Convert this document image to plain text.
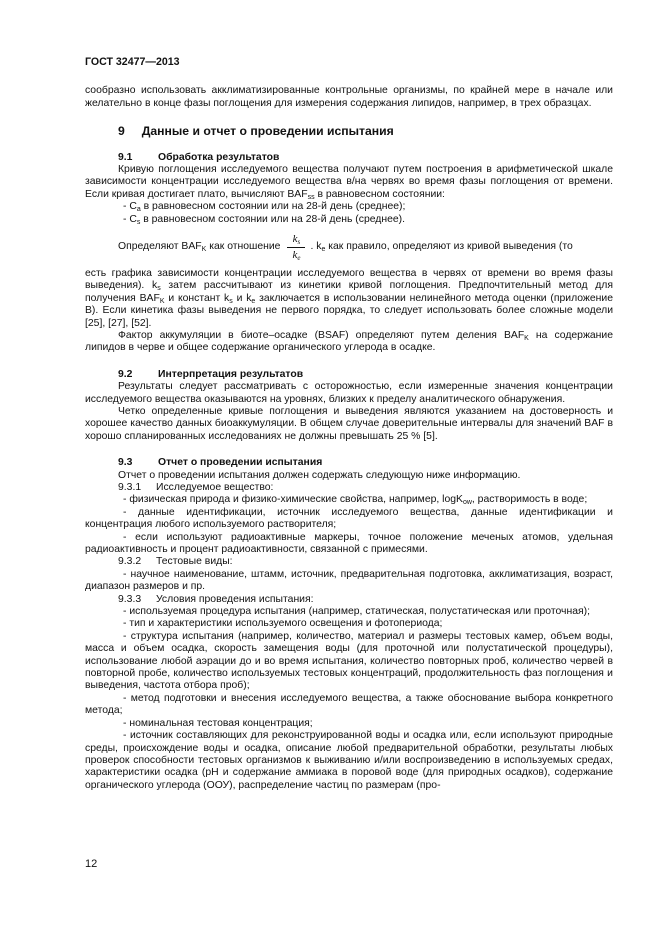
ГОСТ 32477—2013

сообразно использовать акклиматизированные контрольные организмы, по крайней мере в начале или желательно в конце фазы поглощения для измерения содержания липидов, например, в трех образцах.

9 Данные и отчет о проведении испытания
9.1 Обработка результатов

Кривую поглощения исследуемого вещества получают путем построения в арифметической шкале зависимости концентрации исследуемого вещества в/на червях во время фазы поглощения от времени. Если кривая достигает плато, вычисляют $BAF_{ss}$ в равновесном состоянии:

- $C_a$ в равновесном состоянии или на 28-й день (среднее);

- $C_s$ в равновесном состоянии или на 28-й день (среднее).

Определяют $BAF_K$ как отношение $\frac{k_s}{k_e}$ . $k_e$ как правило, определяют из кривой выведения (то

есть графика зависимости концентрации исследуемого вещества в червях от времени во время фазы выведения). $k_s$ затем рассчитывают из кинетики кривой поглощения. Предпочтительный метод для получения $BAF_K$ и констант $k_s$ и $k_e$ заключается в использовании нелинейного метода оценки (приложение В). Если кинетика фазы выведения не первого порядка, то следует использовать более сложные модели [25], [27], [52].

Фактор аккумуляции в биоте–осадке (BSAF) определяют путем деления $BAF_K$ на содержание липидов в черве и общее содержание органического углерода в осадке.

9.2 Интерпретация результатов

Результаты следует рассматривать с осторожностью, если измеренные значения концентрации исследуемого вещества оказываются на уровнях, близких к пределу аналитического обнаружения.

Четко определенные кривые поглощения и выведения являются указанием на достоверность и хорошее качество данных биоаккумуляции. В общем случае доверительные интервалы для значений BAF в хорошо спланированных исследованиях не должны превышать 25 % [5].

9.3 Отчет о проведении испытания

Отчет о проведении испытания должен содержать следующую ниже информацию.

9.3.1 Исследуемое вещество:

- физическая природа и физико-химические свойства, например, logK$_{ow}$, растворимость в воде;

- данные идентификации, источник исследуемого вещества, данные идентификации и концентрация любого используемого растворителя;

- если используют радиоактивные маркеры, точное положение меченых атомов, удельная радиоактивность и процент радиоактивности, связанной с примесями.

9.3.2 Тестовые виды:

- научное наименование, штамм, источник, предварительная подготовка, акклиматизация, возраст, диапазон размеров и пр.

9.3.3 Условия проведения испытания:

- используемая процедура испытания (например, статическая, полустатическая или проточная);

- тип и характеристики используемого освещения и фотопериода;

- структура испытания (например, количество, материал и размеры тестовых камер, объем воды, масса и объем осадка, скорость замещения воды (для проточной или полустатической процедуры), использование любой аэрации до и во время испытания, количество повторных проб, количество червей в повторной пробе, количество используемых тестовых концентраций, продолжительность фаз поглощения и выведения, частота отбора проб);

- метод подготовки и внесения исследуемого вещества, а также обоснование выбора конкретного метода;

- номинальная тестовая концентрация;

- источник составляющих для реконструированной воды и осадка или, если используют природные среды, происхождение воды и осадка, описание любой предварительной обработки, результаты любых проверок способности тестовых организмов к выживанию и/или воспроизведению в используемых средах, характеристики осадка (pH и содержание аммиака в поровой воде (для природных осадков), содержание органического углерода (ООУ), распределение частиц по размерам (про-

12
